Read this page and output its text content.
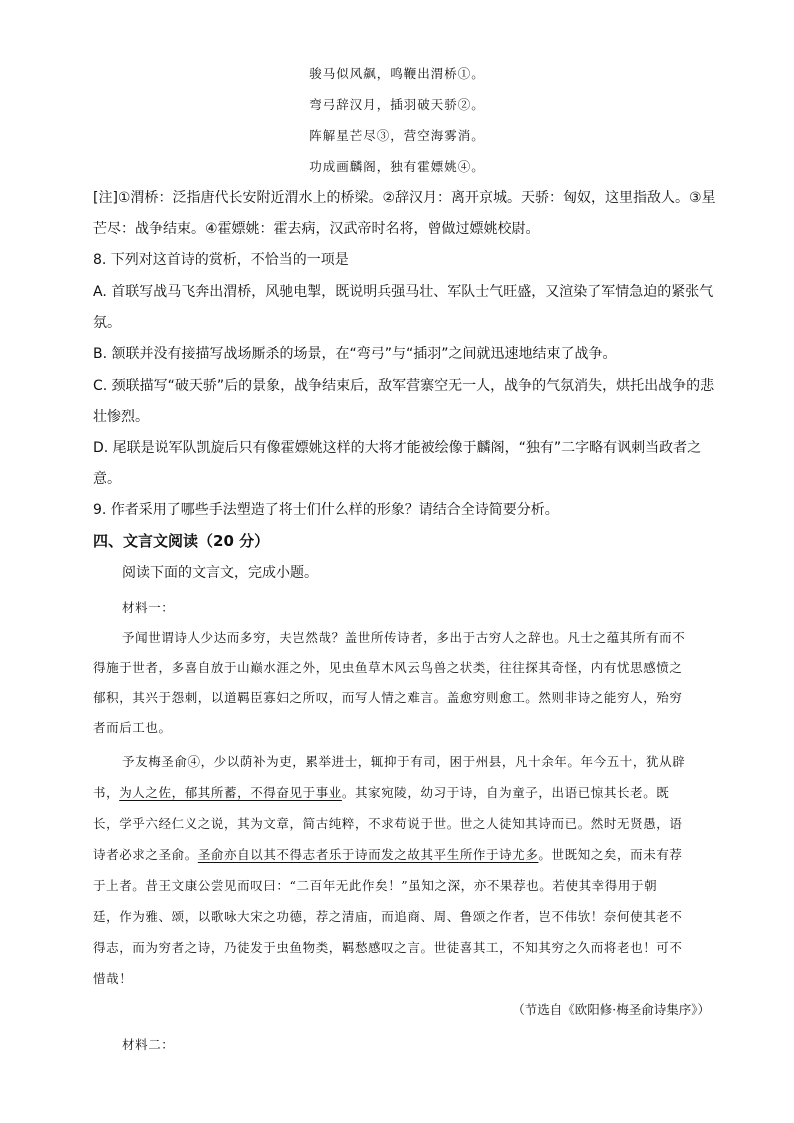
骏马似风飙，鸣鞭出渭桥①。
弯弓辞汉月，插羽破天骄②。
阵解星芒尽③，营空海雾消。
功成画麟阁，独有霍嫖姚④。
[注]①渭桥：泛指唐代长安附近渭水上的桥梁。②辞汉月：离开京城。天骄：匈奴，这里指敌人。③星
芒尽：战争结束。④霍嫖姚：霍去病，汉武帝时名将，曾做过嫖姚校尉。
8. 下列对这首诗的赏析，不恰当的一项是
A. 首联写战马飞奔出渭桥，风驰电掣，既说明兵强马壮、军队士气旺盛，又渲染了军情急迫的紧张气
氛。
B. 颔联并没有接描写战场厮杀的场景，在“弯弓”与“插羽”之间就迅速地结束了战争。
C. 颈联描写“破天骄”后的景象，战争结束后，敌军营寨空无一人，战争的气氛消失，烘托出战争的悲
壮惨烈。
D. 尾联是说军队凯旋后只有像霍嫖姚这样的大将才能被绘像于麟阁，“独有”二字略有讽刺当政者之
意。
9. 作者采用了哪些手法塑造了将士们什么样的形象？请结合全诗简要分析。
四、文言文阅读（20 分）
阅读下面的文言文，完成小题。
材料一：
予闻世谓诗人少达而多穷，夫岂然哉？盖世所传诗者，多出于古穷人之辞也。凡士之蕴其所有而不
得施于世者，多喜自放于山巅水涯之外，见虫鱼草木风云鸟兽之状类，往往探其奇怪，内有忧思感愤之
郁积，其兴于怨刺，以道羁臣寡妇之所叹，而写人情之难言。盖愈穷则愈工。然则非诗之能穷人，殆穷
者而后工也。
予友梅圣俞④，少以荫补为吏，累举进士，辄抑于有司，困于州县，凡十余年。年今五十，犹从辟
书，为人之佐，郁其所蓄，不得奋见于事业。其家宛陵，幼习于诗，自为童子，出语已惊其长老。既
长，学乎六经仁义之说，其为文章，简古纯粹，不求苟说于世。世之人徒知其诗而已。然时无贤愚，语
诗者必求之圣俞。圣俞亦自以其不得志者乐于诗而发之故其平生所作于诗尤多。世既知之矣，而未有荐
于上者。昔王文康公尝见而叹曰：“二百年无此作矣！”虽知之深，亦不果荐也。若使其幸得用于朝
廷，作为雅、颂，以歌咏大宋之功德，荐之清庙，而追商、周、鲁颂之作者，岂不伟欤！奈何使其老不
得志，而为穷者之诗，乃徒发于虫鱼物类，羁愁感叹之言。世徒喜其工，不知其穷之久而将老也！可不
惜哉！
（节选自《欧阳修·梅圣俞诗集序》）
材料二：
